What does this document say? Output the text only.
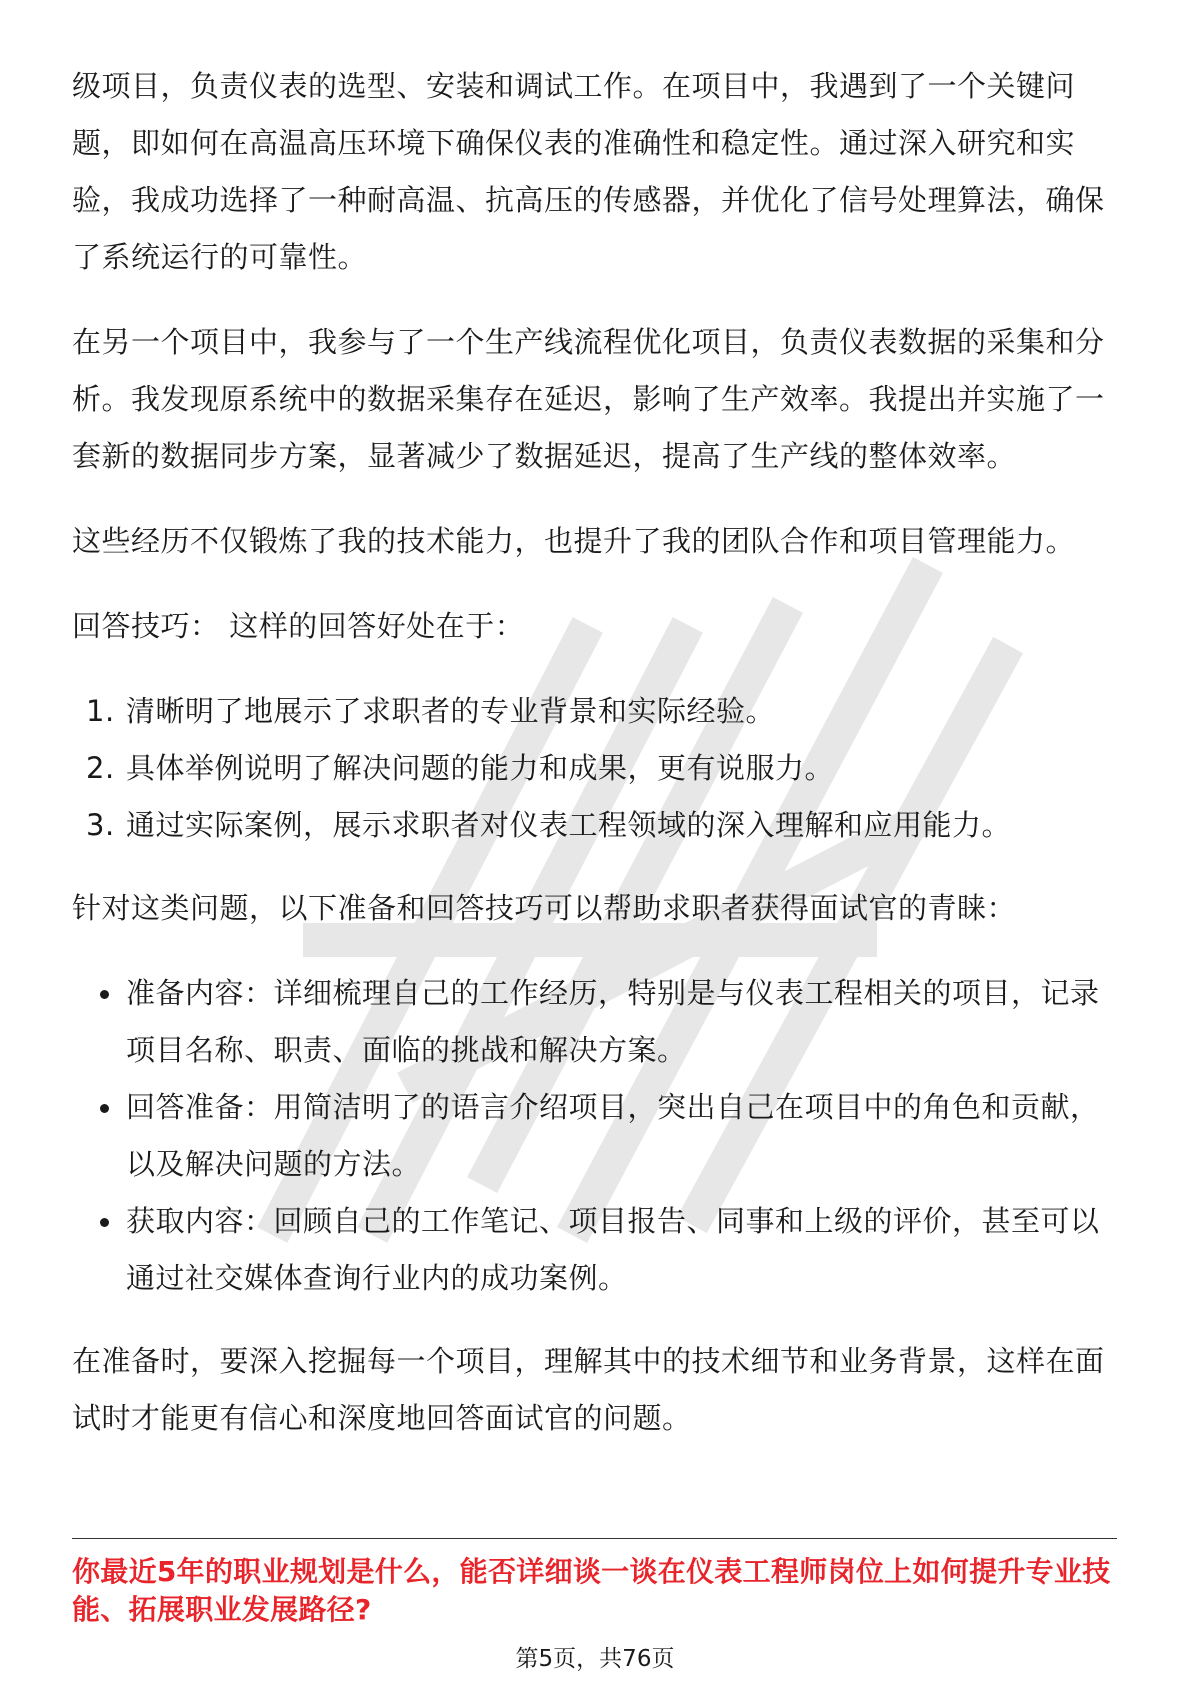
级项目，负责仪表的选型、安装和调试工作。在项目中，我遇到了一个关键问题，即如何在高温高压环境下确保仪表的准确性和稳定性。通过深入研究和实验，我成功选择了一种耐高温、抗高压的传感器，并优化了信号处理算法，确保了系统运行的可靠性。

在另一个项目中，我参与了一个生产线流程优化项目，负责仪表数据的采集和分析。我发现原系统中的数据采集存在延迟，影响了生产效率。我提出并实施了一套新的数据同步方案，显著减少了数据延迟，提高了生产线的整体效率。

这些经历不仅锻炼了我的技术能力，也提升了我的团队合作和项目管理能力。

回答技巧： 这样的回答好处在于：

1. 清晰明了地展示了求职者的专业背景和实际经验。
2. 具体举例说明了解决问题的能力和成果，更有说服力。
3. 通过实际案例，展示求职者对仪表工程领域的深入理解和应用能力。

针对这类问题，以下准备和回答技巧可以帮助求职者获得面试官的青睐：

准备内容：详细梳理自己的工作经历，特别是与仪表工程相关的项目，记录项目名称、职责、面临的挑战和解决方案。
回答准备：用简洁明了的语言介绍项目，突出自己在项目中的角色和贡献，以及解决问题的方法。
获取内容：回顾自己的工作笔记、项目报告、同事和上级的评价，甚至可以通过社交媒体查询行业内的成功案例。

在准备时，要深入挖掘每一个项目，理解其中的技术细节和业务背景，这样在面试时才能更有信心和深度地回答面试官的问题。

你最近5年的职业规划是什么，能否详细谈一谈在仪表工程师岗位上如何提升专业技能、拓展职业发展路径?
第5页，共76页
